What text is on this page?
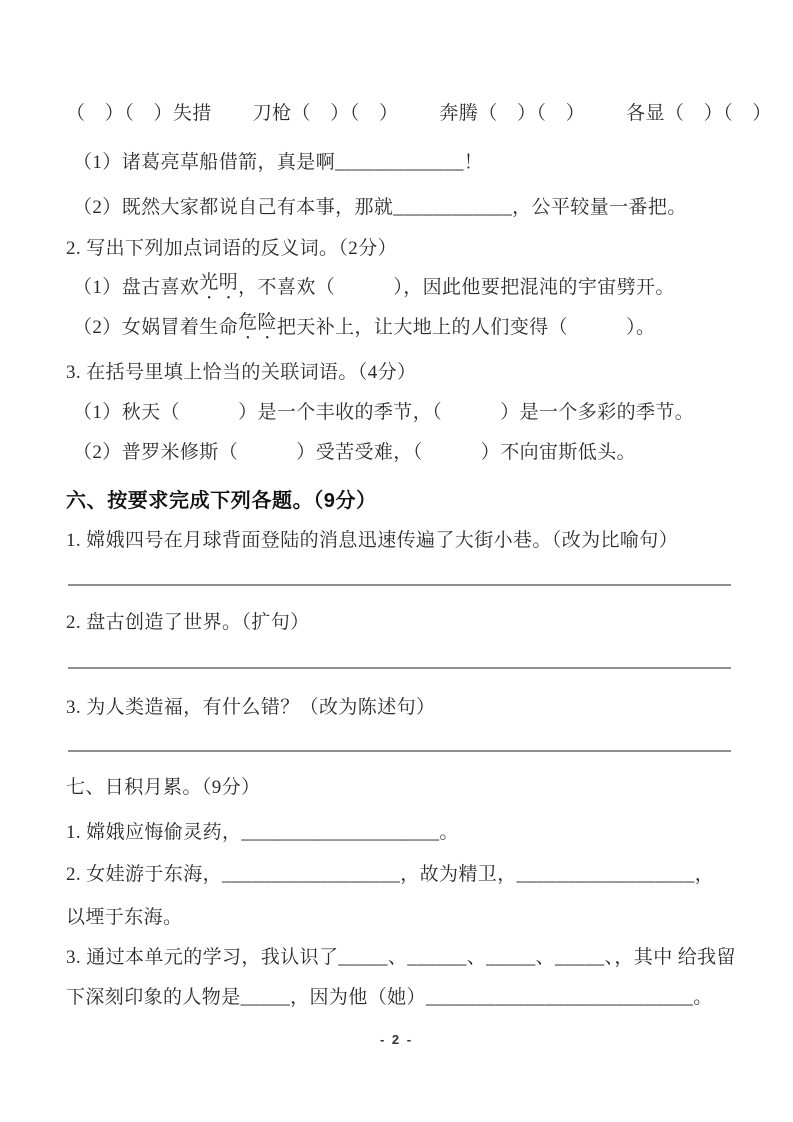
（　）（　）失措 刀枪（　）（　） 奔腾（　）（　） 各显（　）（　）
（1）诸葛亮草船借箭，真是啊_____________！
（2）既然大家都说自己有本事，那就____________，公平较量一番把。
2. 写出下列加点词语的反义词。（2分）
（1）盘古喜欢 光明 ，不喜欢（　　　），因此他要把混沌的宇宙劈开。
（2）女娲冒着生命 危险 把天补上，让大地上的人们变得（　　　）。
3. 在括号里填上恰当的关联词语。（4分）
（1）秋天（　　　）是一个丰收的季节，（　　　）是一个多彩的季节。
（2）普罗米修斯（　　　）受苦受难，（　　　）不向宙斯低头。
六、按要求完成下列各题。（9分）
1. 嫦娥四号在月球背面登陆的消息迅速传遍了大街小巷。（改为比喻句）
2. 盘古创造了世界。（扩句）
3. 为人类造福，有什么错？（改为陈述句）
七、日积月累。（9分）
1. 嫦娥应悔偷灵药，____________________。
2. 女娃游于东海，__________________，故为精卫，__________________，
以堙于东海。
3. 通过本单元的学习，我认识了_____、______、_____、_____、，其中 给我留
下深刻印象的人物是_____，因为他（她）___________________________。
- 2 -
